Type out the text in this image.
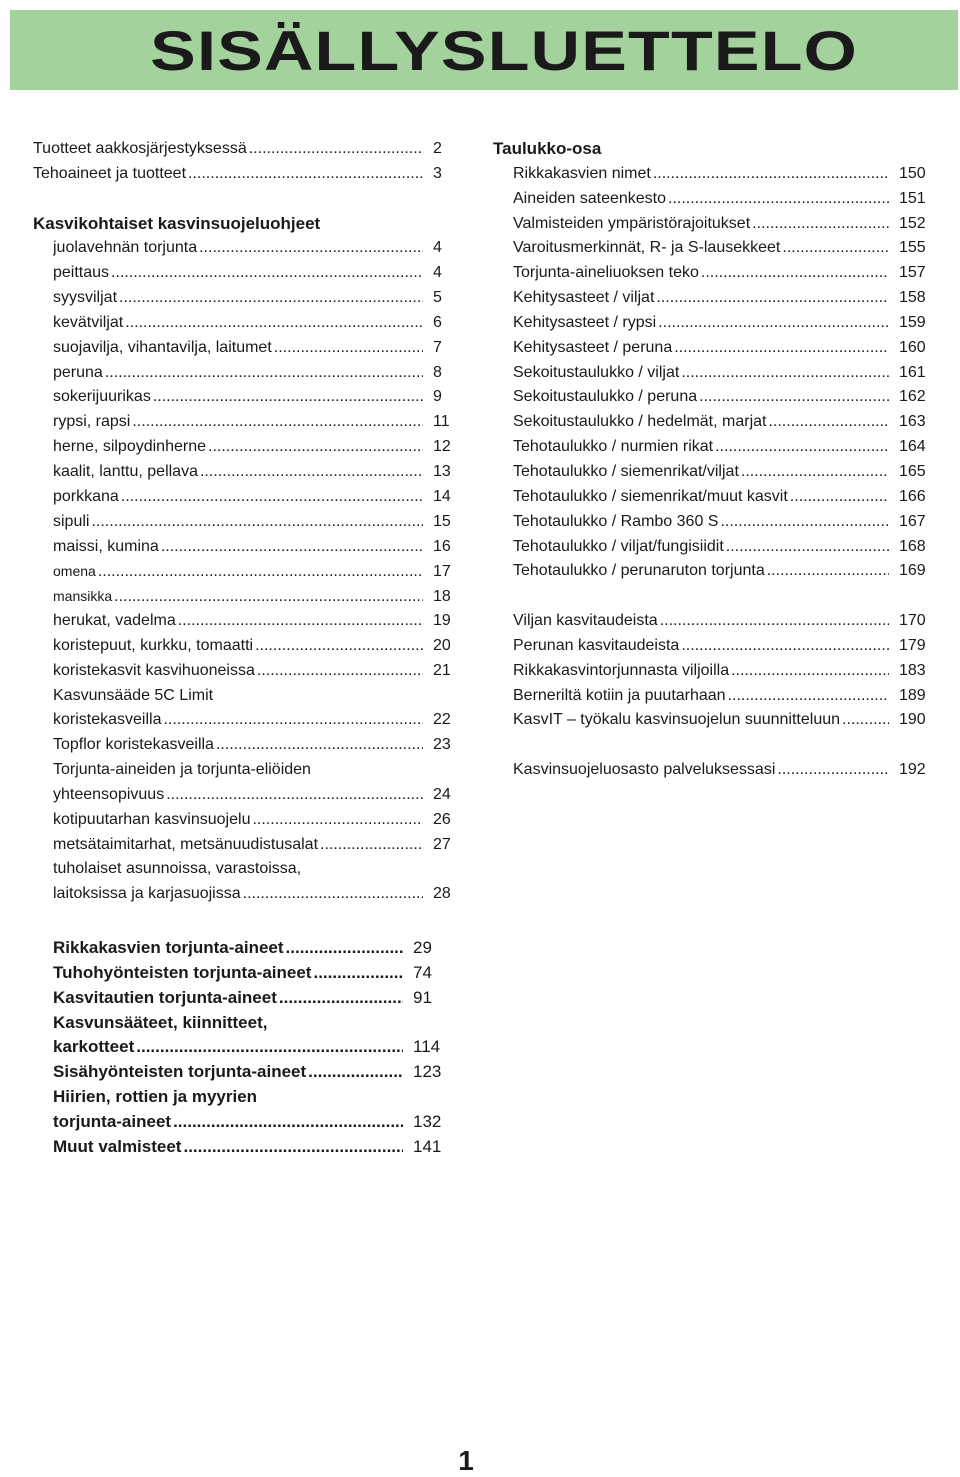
SISÄLLYSLUETTELO
Tuotteet aakkosjärjestyksessä .....	2
Tehoaineet ja tuotteet .....	3
Kasvikohtaiset kasvinsuojeluohjeet
juolavehnän torjunta .....	4
peittaus .....	4
syysviljat .....	5
kevätviljat .....	6
suojavilja, vihantavilja, laitumet .....	7
peruna .....	8
sokerijuurikas .....	9
rypsi, rapsi .....	11
herne, silpoydinherne .....	12
kaalit, lanttu, pellava .....	13
porkkana .....	14
sipuli .....	15
maissi, kumina .....	16
omena .....	17
mansikka .....	18
herukat, vadelma .....	19
koristepuut, kurkku, tomaatti .....	20
koristekasvit kasvihuoneissa .....	21
Kasvunsääde 5C Limit
koristekasveilla .....	22
Topflor koristekasveilla .....	23
Torjunta-aineiden ja torjunta-eliöiden
yhteensopivuus .....	24
kotipuutarhan kasvinsuojelu .....	26
metsätaimitarhat, metsänuudistusalat .....	27
tuholaiset asunnoissa, varastoissa,
laitoksissa ja karjasuojissa .....	28
Taulukko-osa
Rikkakasvien nimet .....	150
Aineiden sateenkesto .....	151
Valmisteiden ympäristörajoitukset .....	152
Varoitusmerkinnät, R- ja S-lausekkeet .....	155
Torjunta-aineliuoksen teko .....	157
Kehitysasteet / viljat .....	158
Kehitysasteet / rypsi .....	159
Kehitysasteet / peruna .....	160
Sekoitustaulukko / viljat .....	161
Sekoitustaulukko / peruna .....	162
Sekoitustaulukko / hedelmät, marjat .....	163
Tehotaulukko / nurmien rikat .....	164
Tehotaulukko / siemenrikat/viljat .....	165
Tehotaulukko / siemenrikat/muut kasvit .....	166
Tehotaulukko / Rambo 360 S .....	167
Tehotaulukko / viljat/fungisiidit .....	168
Tehotaulukko / perunaruton torjunta .....	169
Viljan kasvitaudeista .....	170
Perunan kasvitaudeista .....	179
Rikkakasvintorjunnasta viljoilla .....	183
Berneriltä kotiin ja puutarhaan .....	189
KasvIT – työkalu kasvinsuojelun suunnitteluun .....	190
Kasvinsuojeluosasto palveluksessasi .....	192
Rikkakasvien torjunta-aineet .....	29
Tuhohyönteisten torjunta-aineet .....	74
Kasvitautien torjunta-aineet .....	91
Kasvunsääteet, kiinnitteet,
karkotteet .....	114
Sisähyönteisten torjunta-aineet .....	123
Hiirien, rottien ja myyrien
torjunta-aineet .....	132
Muut valmisteet .....	141
1
